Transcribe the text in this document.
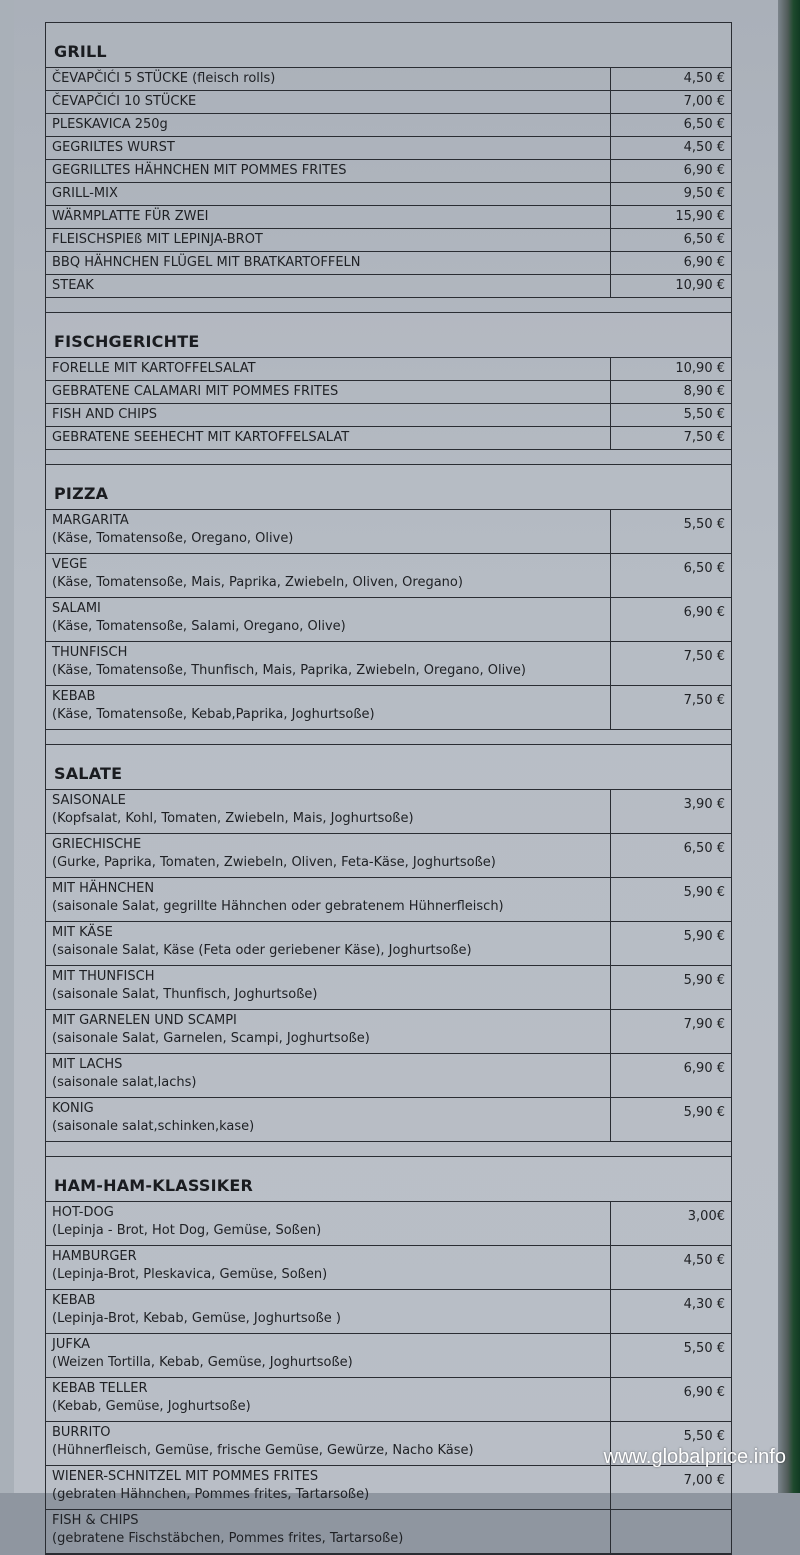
GRILL
ČEVAPČIĆI 5 STÜCKE (fleisch rolls)	4,50 €
ČEVAPČIĆI 10 STÜCKE	7,00 €
PLESKAVICA 250g	6,50 €
GEGRILTES WURST	4,50 €
GEGRILLTES HÄHNCHEN MIT POMMES FRITES	6,90 €
GRILL-MIX	9,50 €
WÄRMPLATTE FÜR ZWEI	15,90 €
FLEISCHSPIEß MIT LEPINJA-BROT	6,50 €
BBQ HÄHNCHEN FLÜGEL MIT BRATKARTOFFELN	6,90 €
STEAK	10,90 €
FISCHGERICHTE
FORELLE MIT KARTOFFELSALAT	10,90 €
GEBRATENE CALAMARI MIT POMMES FRITES	8,90 €
FISH AND CHIPS	5,50 €
GEBRATENE SEEHECHT MIT KARTOFFELSALAT	7,50 €
PIZZA
MARGARITA
(Käse, Tomatensoße, Oregano, Olive)
5,50 €
VEGE
(Käse, Tomatensoße, Mais, Paprika, Zwiebeln, Oliven, Oregano)
6,50 €
SALAMI
(Käse, Tomatensoße, Salami, Oregano, Olive)
6,90 €
THUNFISCH
(Käse, Tomatensoße, Thunfisch, Mais, Paprika, Zwiebeln, Oregano, Olive)
7,50 €
KEBAB
(Käse, Tomatensoße, Kebab,Paprika, Joghurtsoße)
7,50 €
SALATE
SAISONALE
(Kopfsalat, Kohl, Tomaten, Zwiebeln, Mais, Joghurtsoße)
3,90 €
GRIECHISCHE
(Gurke, Paprika, Tomaten, Zwiebeln, Oliven, Feta-Käse, Joghurtsoße)
6,50 €
MIT HÄHNCHEN
(saisonale Salat, gegrillte Hähnchen oder gebratenem Hühnerfleisch)
5,90 €
MIT KÄSE
(saisonale Salat, Käse (Feta oder geriebener Käse), Joghurtsoße)
5,90 €
MIT THUNFISCH
(saisonale Salat, Thunfisch, Joghurtsoße)
5,90 €
MIT GARNELEN UND SCAMPI
(saisonale Salat, Garnelen, Scampi, Joghurtsoße)
7,90 €
MIT LACHS
(saisonale salat,lachs)
6,90 €
KONIG
(saisonale salat,schinken,kase)
5,90 €
HAM-HAM-KLASSIKER
HOT-DOG
(Lepinja - Brot, Hot Dog, Gemüse, Soßen)
3,00€
HAMBURGER
(Lepinja-Brot, Pleskavica, Gemüse, Soßen)
4,50 €
KEBAB
(Lepinja-Brot, Kebab, Gemüse, Joghurtsoße )
4,30 €
JUFKA
(Weizen Tortilla, Kebab, Gemüse, Joghurtsoße)
5,50 €
KEBAB TELLER
(Kebab, Gemüse, Joghurtsoße)
6,90 €
BURRITO
(Hühnerfleisch, Gemüse, frische Gemüse, Gewürze, Nacho Käse)
5,50 €
WIENER-SCHNITZEL MIT POMMES FRITES
(gebraten Hähnchen, Pommes frites, Tartarsoße)
7,00 €
FISH & CHIPS
(gebratene Fischstäbchen, Pommes frites, Tartarsoße)
www.globalprice.info
